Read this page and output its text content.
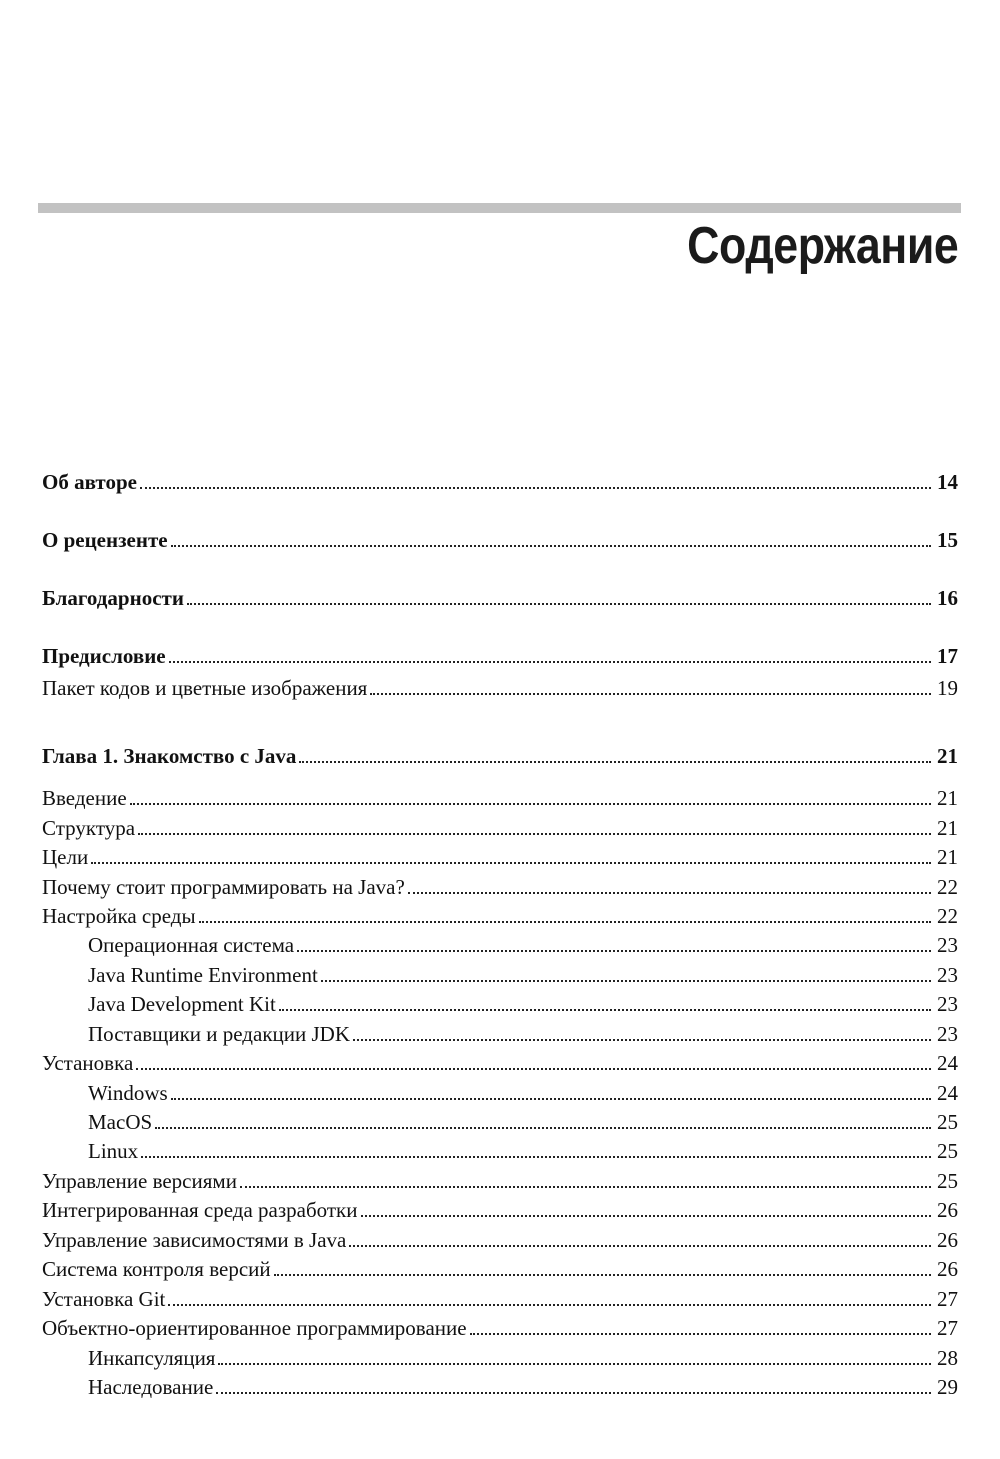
Содержание
Об авторе	14
О рецензенте	15
Благодарности	16
Предисловие	17
Пакет кодов и цветные изображения	19
Глава 1. Знакомство с Java	21
Введение	21
Структура	21
Цели	21
Почему стоит программировать на Java?	22
Настройка среды	22
Операционная система	23
Java Runtime Environment	23
Java Development Kit	23
Поставщики и редакции JDK	23
Установка	24
Windows	24
MacOS	25
Linux	25
Управление версиями	25
Интегрированная среда разработки	26
Управление зависимостями в Java	26
Система контроля версий	26
Установка Git	27
Объектно-ориентированное программирование	27
Инкапсуляция	28
Наследование	29
